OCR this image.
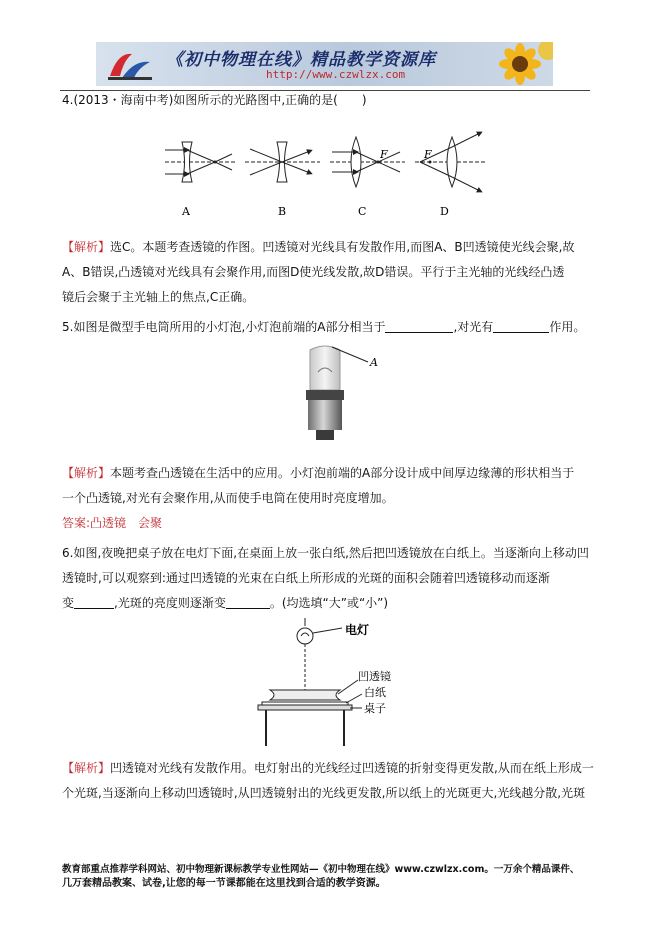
《初中物理在线》精品教学资源库
http://www.czwlzx.com
4.(2013・海南中考)如图所示的光路图中,正确的是(　　)
F	F
A	B	C	D
【解析】选C。本题考查透镜的作图。凹透镜对光线具有发散作用,而图A、B凹透镜使光线会聚,故
A、B错误,凸透镜对光线具有会聚作用,而图D使光线发散,故D错误。平行于主光轴的光线经凸透
镜后会聚于主光轴上的焦点,C正确。
5.如图是微型手电筒所用的小灯泡,小灯泡前端的A部分相当于	,对光有	作用。
A
【解析】本题考查凸透镜在生活中的应用。小灯泡前端的A部分设计成中间厚边缘薄的形状相当于
一个凸透镜,对光有会聚作用,从而使手电筒在使用时亮度增加。
答案:凸透镜　会聚
6.如图,夜晚把桌子放在电灯下面,在桌面上放一张白纸,然后把凹透镜放在白纸上。当逐渐向上移动凹
透镜时,可以观察到:通过凹透镜的光束在白纸上所形成的光斑的面积会随着凹透镜移动而逐渐
变	,光斑的亮度则逐渐变	。(均选填“大”或“小”)
电灯
凹透镜
白纸
桌子
【解析】凹透镜对光线有发散作用。电灯射出的光线经过凹透镜的折射变得更发散,从而在纸上形成一
个光斑,当逐渐向上移动凹透镜时,从凹透镜射出的光线更发散,所以纸上的光斑更大,光线越分散,光斑
教育部重点推荐学科网站、初中物理新课标教学专业性网站—《初中物理在线》www.czwlzx.com。一万余个精品课件、
几万套精品教案、试卷,让您的每一节课都能在这里找到合适的教学资源。
